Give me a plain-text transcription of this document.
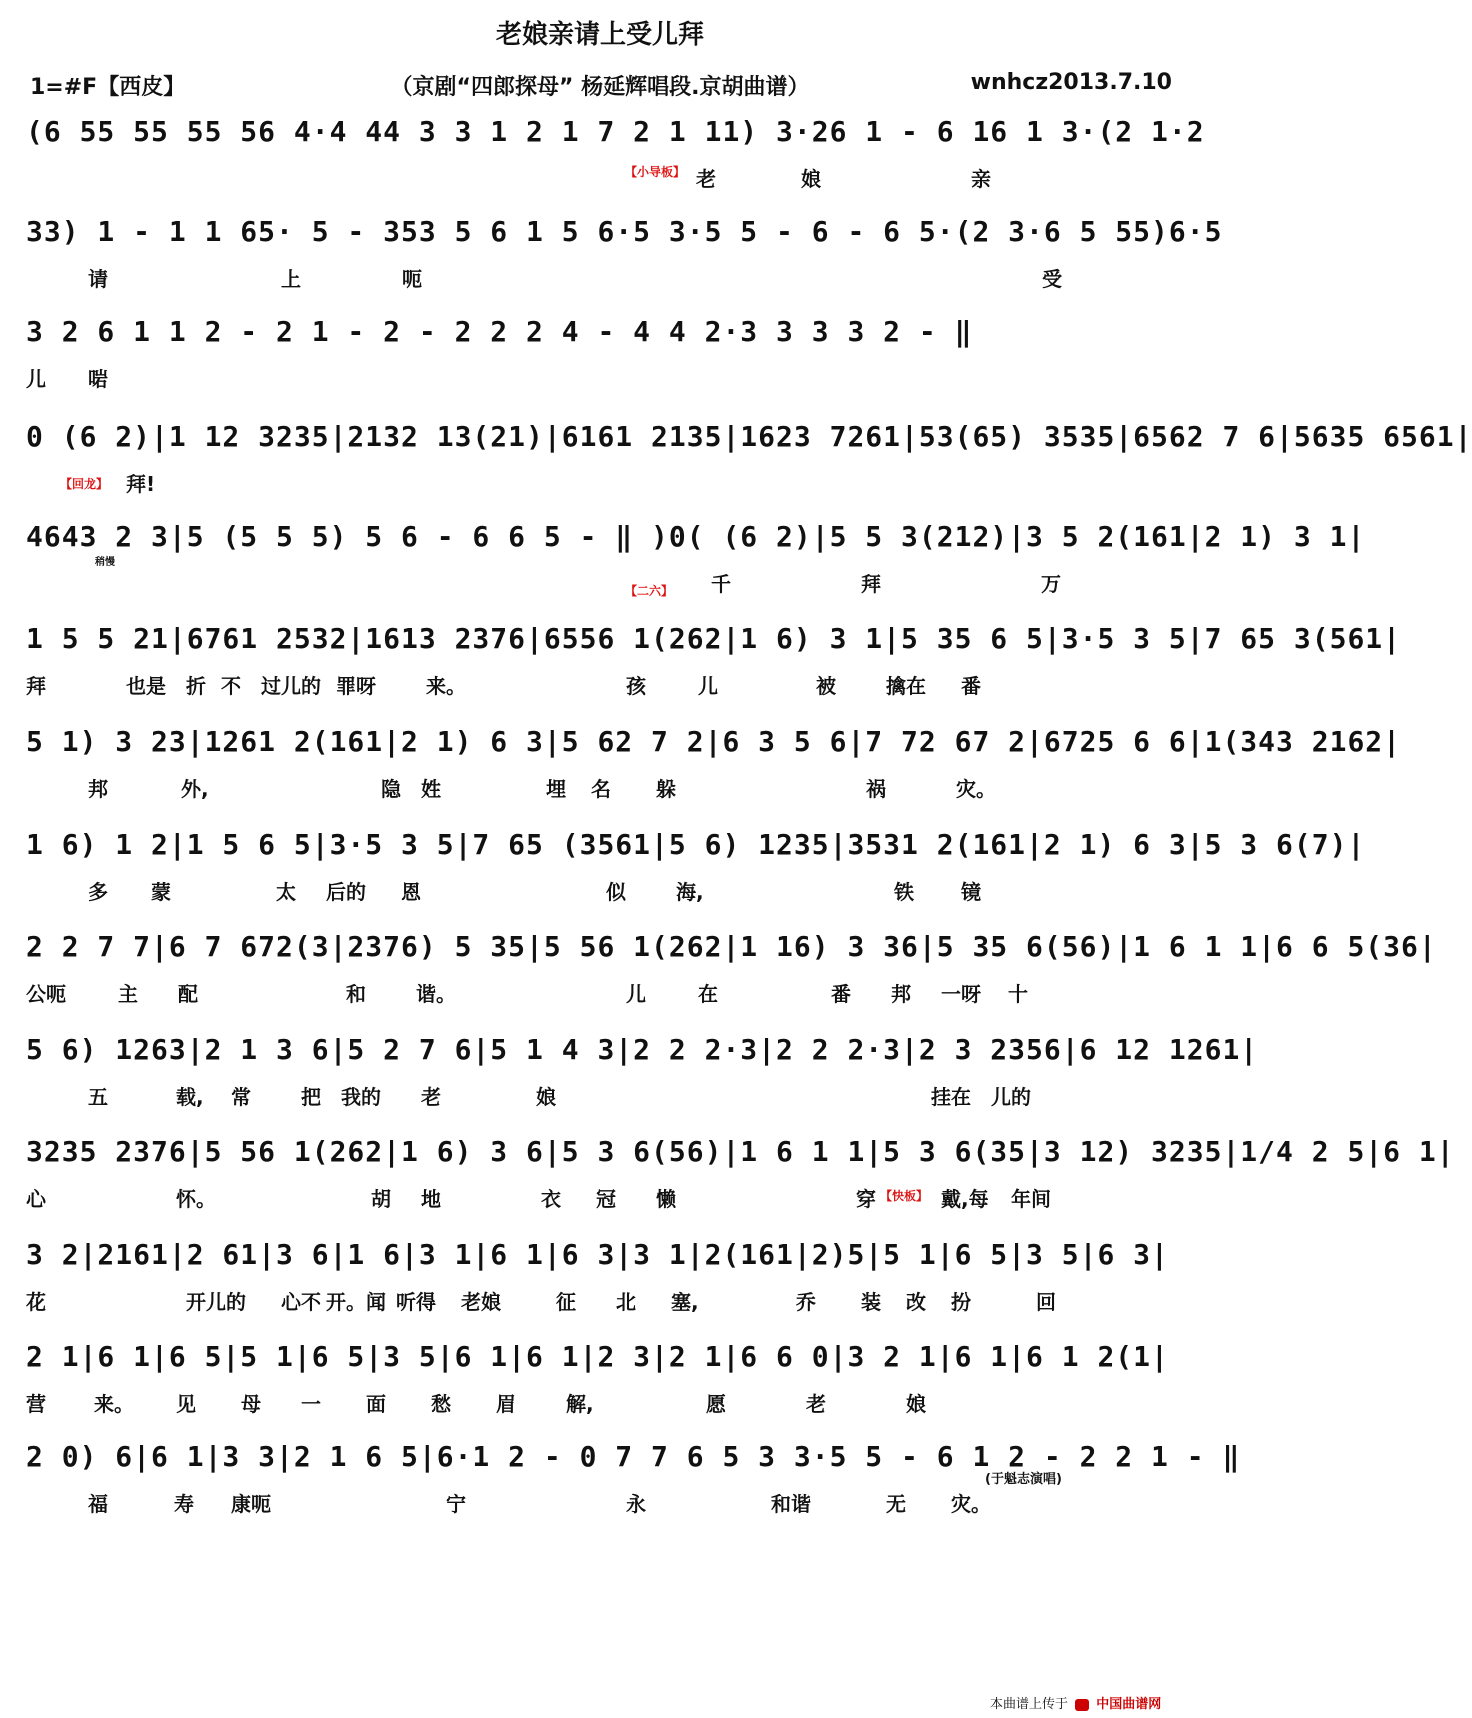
老娘亲请上受儿拜
1=#F【西皮】	（京剧“四郎探母” 杨延辉唱段.京胡曲谱）	wnhcz2013.7.10
(6 55 55 55 56 4·4 44 3 3 1 2 1 7 2 1 11) 3·26 1 - 6 16 1 3·(2 1·2
老	娘	亲
33) 1 - 1 1 65· 5 - 353 5 6 1 5 6·5 3·5 5 - 6 - 6 5·(2 3·6 5 55)6·5
请	上	呃	受
3 2 6 1 1 2 - 2 1 - 2 - 2 2 2 4 - 4 4 2·3 3 3 3 2 - ‖
儿 啱
0 (6 2)|1 12 3235|2132 13(21)|6161 2135|1623 7261|53(65) 3535|6562 7 6|5635 6561|
拜!
4643 2 3|5 (5 5 5) 5 6 - 6 6 5 - ‖ )0( (6 2)|5 5 3(212)|3 5 2(161|2 1) 3 1|
千	拜	万
1 5 5 21|6761 2532|1613 2376|6556 1(262|1 6) 3 1|5 35 6 5|3·5 3 5|7 65 3(561|
拜	也是 折 不 过儿的 罪呀	来。	孩	儿	被	擒在 番
5 1) 3 23|1261 2(161|2 1) 6 3|5 62 7 2|6 3 5 6|7 72 67 2|6725 6 6|1(343 2162|
邦	外,	隐 姓	埋 名 躲	祸	灾。
1 6) 1 2|1 5 6 5|3·5 3 5|7 65 (3561|5 6) 1235|3531 2(161|2 1) 6 3|5 3 6(7)|
多 蒙	太 后的 恩	似	海,	铁 镜
2 2 7 7|6 7 672(3|2376) 5 35|5 56 1(262|1 16) 3 36|5 35 6(56)|1 6 1 1|6 6 5(36|
公呃	主 配	和	谐。	儿	在	番 邦 一呀 十
5 6) 1263|2 1 3 6|5 2 7 6|5 1 4 3|2 2 2·3|2 2 2·3|2 3 2356|6 12 1261|
五	载, 常	把 我的 老	娘	挂在 儿的
3235 2376|5 56 1(262|1 6) 3 6|5 3 6(56)|1 6 1 1|5 3 6(35|3 12) 3235|1/4 2 5|6 1|
心	怀。	胡 地	衣 冠 懒	穿	戴,每 年间
3 2|2161|2 61|3 6|1 6|3 1|6 1|6 3|3 1|2(161|2)5|5 1|6 5|3 5|6 3|
花	开儿的 心 不 开。闻 听得 老娘	征 北 塞,	乔 装 改 扮	回
2 1|6 1|6 5|5 1|6 5|3 5|6 1|6 1|2 3|2 1|6 6 0|3 2 1|6 1|6 1 2(1|
营 来。 见 母 一 面 愁 眉	解,	愿	老	娘
2 0) 6|6 1|3 3|2 1 6 5|6·1 2 - 0 7 7 6 5 3 3·5 5 - 6 1 2 - 2 2 1 - ‖
福	寿 康呃	宁	永	和谐	无 灾。
【小导板】
【回龙】
稍慢
【二六】
【快板】
(于魁志演唱)
本曲谱上传于 中国曲谱网
